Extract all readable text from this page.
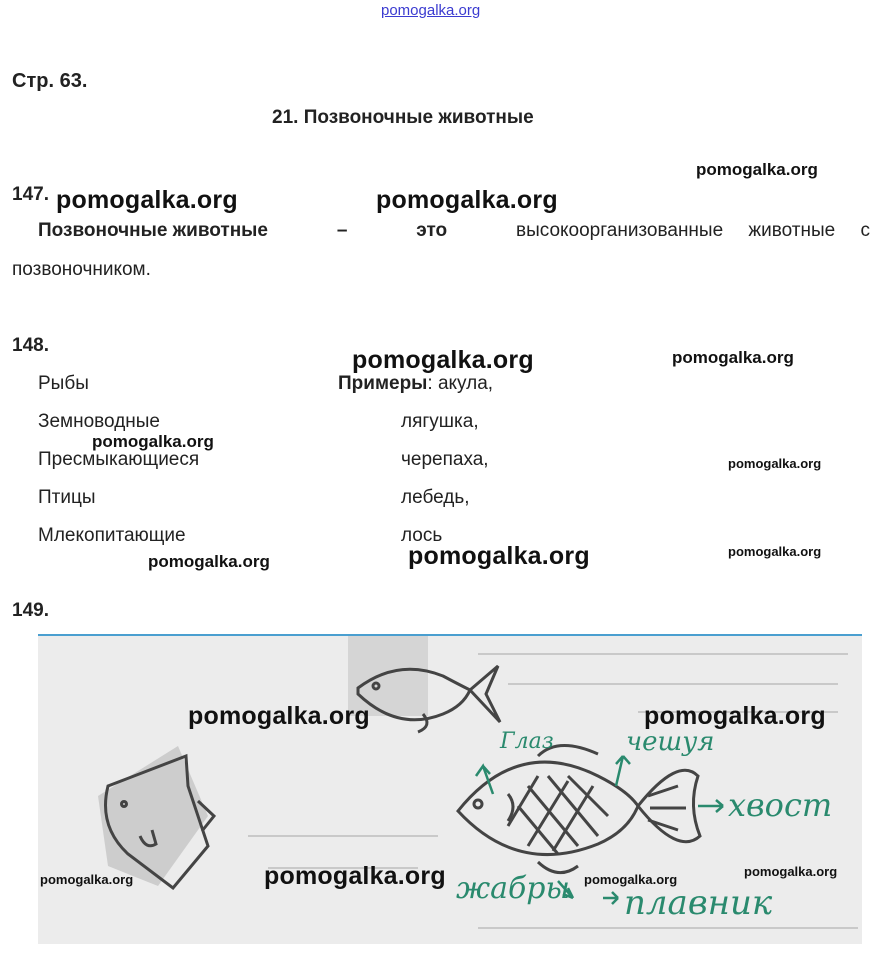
pomogalka.org
Стр. 63.
21. Позвоночные животные
147.
Позвоночные животные	–	это	высокоорганизованные животные с
позвоночником.
148.
Рыбы	Примеры: акула,
Земноводные	лягушка,
Пресмыкающиеся	черепаха,
Птицы	лебедь,
Млекопитающие	лось
149.
Глаз	чешуя
хвост
жабры плавник
pomogalka.org
pomogalka.org	pomogalka.org
pomogalka.org	pomogalka.org
pomogalka.org
pomogalka.org
pomogalka.org	pomogalka.org	pomogalka.org
pomogalka.org	pomogalka.org
pomogalka.org
pomogalka.org	pomogalka.org
pomogalka.org
